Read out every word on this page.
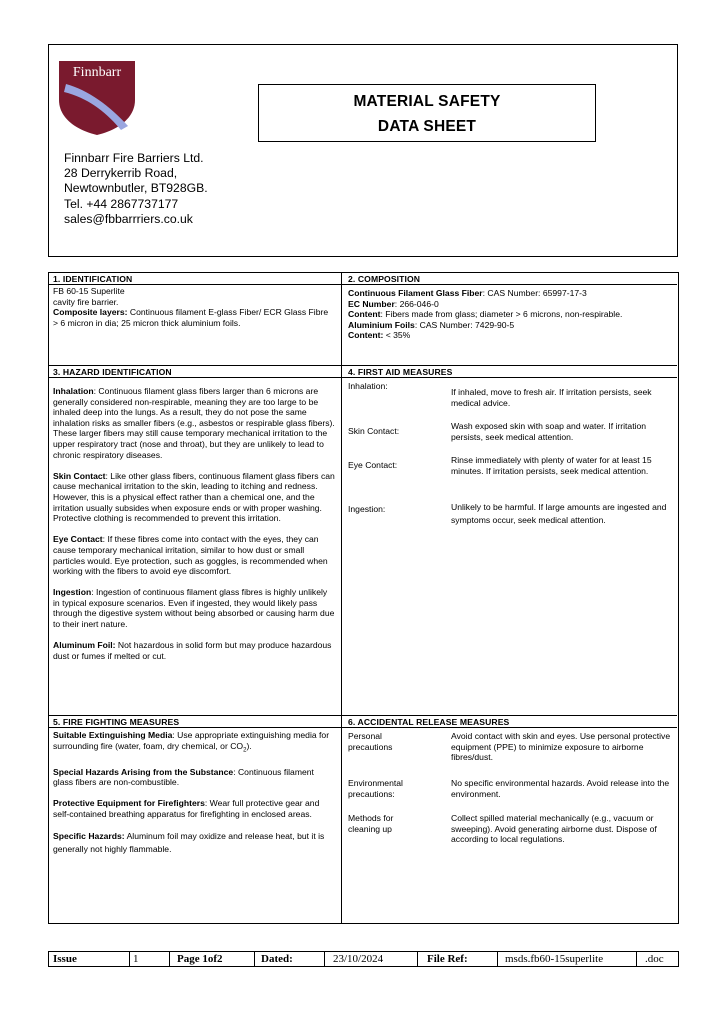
Finnbarr
MATERIAL SAFETY
DATA SHEET
Finnbarr Fire Barriers Ltd.
28 Derrykerrib Road,
Newtownbutler, BT928GB.
Tel. +44 2867737177
sales@fbbarrriers.co.uk
1. IDENTIFICATION
FB 60-15 Superlite
cavity fire barrier.
Composite layers: Continuous filament E-glass Fiber/ ECR Glass Fibre > 6 micron in dia; 25 micron thick aluminium foils.
2. COMPOSITION
Continuous Filament Glass Fiber: CAS Number: 65997-17-3
EC Number: 266-046-0
Content: Fibers made from glass; diameter > 6 microns, non-respirable.
Aluminium Foils: CAS Number: 7429-90-5
Content: < 35%
3. HAZARD IDENTIFICATION

Inhalation: Continuous filament glass fibers larger than 6 microns are generally considered non-respirable, meaning they are too large to be inhaled deep into the lungs. As a result, they do not pose the same inhalation risks as smaller fibers (e.g., asbestos or respirable glass fibers). These larger fibers may still cause temporary mechanical irritation to the upper respiratory tract (nose and throat), but they are unlikely to lead to chronic respiratory diseases.

Skin Contact: Like other glass fibers, continuous filament glass fibers can cause mechanical irritation to the skin, leading to itching and redness. However, this is a physical effect rather than a chemical one, and the irritation usually subsides when exposure ends or with proper washing. Protective clothing is recommended to prevent this irritation.

Eye Contact: If these fibres come into contact with the eyes, they can cause temporary mechanical irritation, similar to how dust or small particles would. Eye protection, such as goggles, is recommended when working with the fibers to avoid eye discomfort.

Ingestion: Ingestion of continuous filament glass fibres is highly unlikely in typical exposure scenarios. Even if ingested, they would likely pass through the digestive system without being absorbed or causing harm due to their inert nature.

Aluminum Foil: Not hazardous in solid form but may produce hazardous dust or fumes if melted or cut.

4. FIRST AID MEASURES
Inhalation:
If inhaled, move to fresh air. If irritation persists, seek medical advice.
Skin Contact:	Wash exposed skin with soap and water. If irritation persists, seek medical attention.
Eye Contact:	Rinse immediately with plenty of water for at least 15 minutes. If irritation persists, seek medical attention.
Ingestion:	Unlikely to be harmful. If large amounts are ingested and symptoms occur, seek medical attention.
5. FIRE FIGHTING MEASURES

Suitable Extinguishing Media: Use appropriate extinguishing media for surrounding fire (water, foam, dry chemical, or $CO_2$).

Special Hazards Arising from the Substance: Continuous filament glass fibers are non-combustible.

Protective Equipment for Firefighters: Wear full protective gear and self-contained breathing apparatus for firefighting in enclosed areas.

Specific Hazards: Aluminum foil may oxidize and release heat, but it is generally not highly flammable.

6. ACCIDENTAL RELEASE MEASURES
Personal
precautions
Avoid contact with skin and eyes. Use personal protective equipment (PPE) to minimize exposure to airborne fibres/dust.
Environmental
precautions:
No specific environmental hazards. Avoid release into the environment.
Methods for
cleaning up
Collect spilled material mechanically (e.g., vacuum or sweeping). Avoid generating airborne dust. Dispose of according to local regulations.
Issue	1	Page 1of2	Dated:	23/10/2024	File Ref:	msds.fb60-15superlite	.doc
